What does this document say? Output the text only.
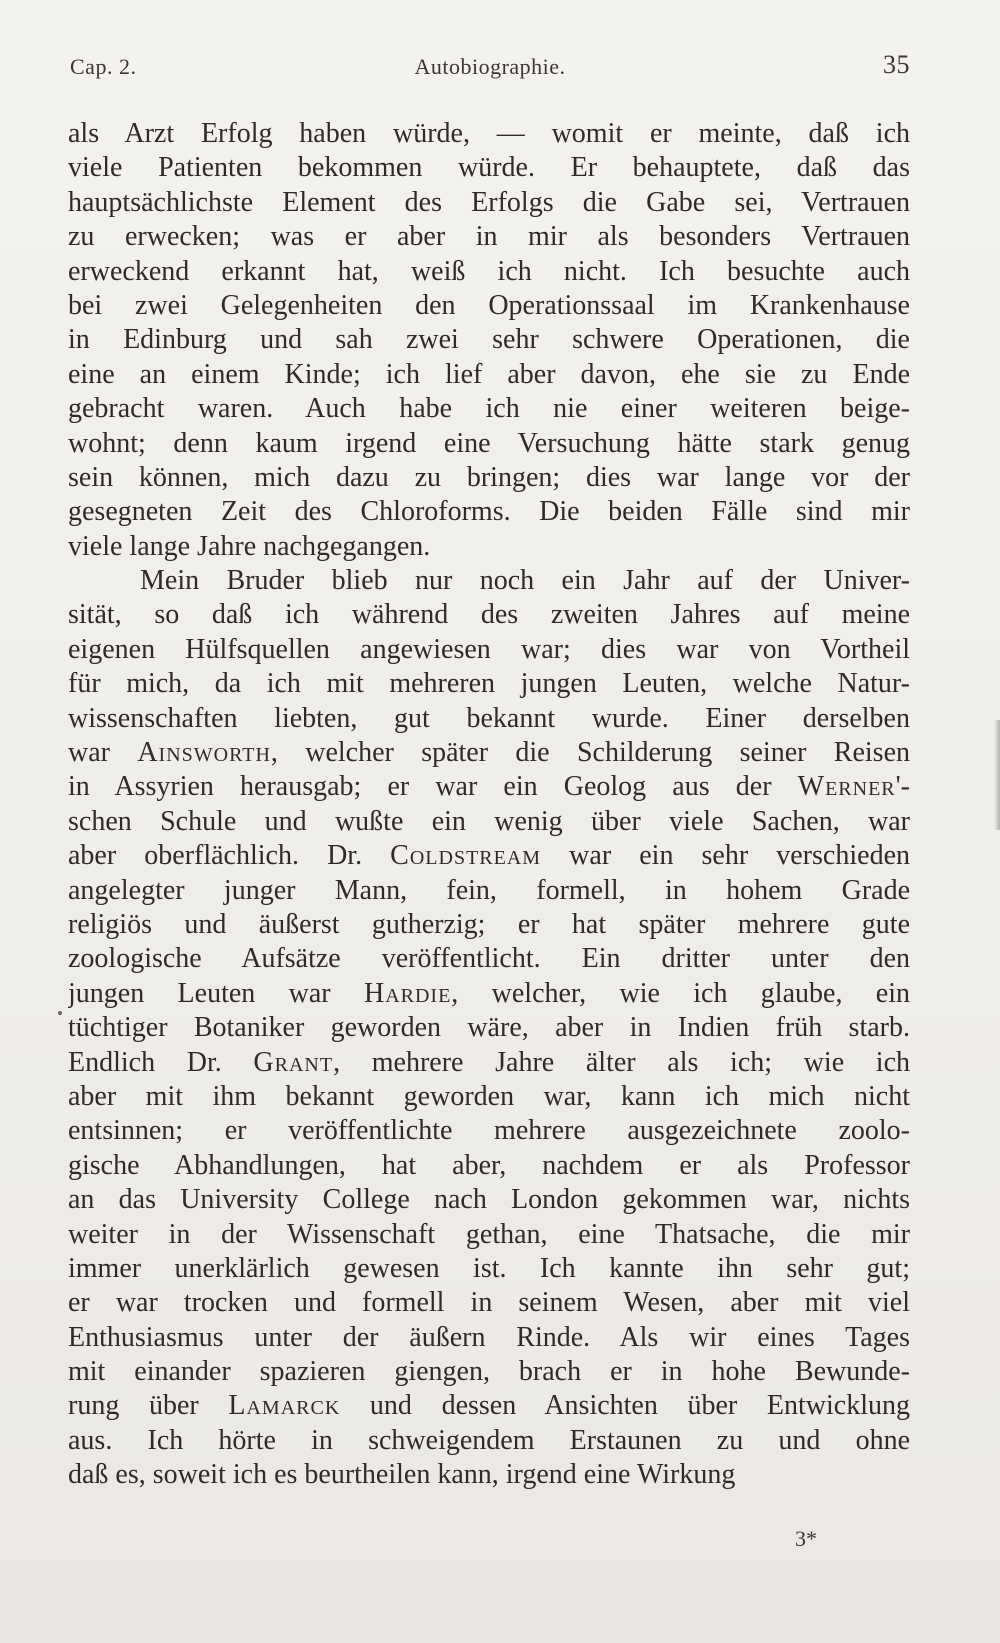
Cap. 2.	Autobiographie.	35
als Arzt Erfolg haben würde, — womit er meinte, daß ich
viele Patienten bekommen würde. Er behauptete, daß das
hauptsächlichste Element des Erfolgs die Gabe sei, Vertrauen
zu erwecken; was er aber in mir als besonders Vertrauen
erweckend erkannt hat, weiß ich nicht. Ich besuchte auch
bei zwei Gelegenheiten den Operationssaal im Krankenhause
in Edinburg und sah zwei sehr schwere Operationen, die
eine an einem Kinde; ich lief aber davon, ehe sie zu Ende
gebracht waren. Auch habe ich nie einer weiteren beige-
wohnt; denn kaum irgend eine Versuchung hätte stark genug
sein können, mich dazu zu bringen; dies war lange vor der
gesegneten Zeit des Chloroforms. Die beiden Fälle sind mir
viele lange Jahre nachgegangen.
Mein Bruder blieb nur noch ein Jahr auf der Univer-
sität, so daß ich während des zweiten Jahres auf meine
eigenen Hülfsquellen angewiesen war; dies war von Vortheil
für mich, da ich mit mehreren jungen Leuten, welche Natur-
wissenschaften liebten, gut bekannt wurde. Einer derselben
war Ainsworth, welcher später die Schilderung seiner Reisen
in Assyrien herausgab; er war ein Geolog aus der Werner'-
schen Schule und wußte ein wenig über viele Sachen, war
aber oberflächlich. Dr. Coldstream war ein sehr verschieden
angelegter junger Mann, fein, formell, in hohem Grade
religiös und äußerst gutherzig; er hat später mehrere gute
zoologische Aufsätze veröffentlicht. Ein dritter unter den
jungen Leuten war Hardie, welcher, wie ich glaube, ein
tüchtiger Botaniker geworden wäre, aber in Indien früh starb.
Endlich Dr. Grant, mehrere Jahre älter als ich; wie ich
aber mit ihm bekannt geworden war, kann ich mich nicht
entsinnen; er veröffentlichte mehrere ausgezeichnete zoolo-
gische Abhandlungen, hat aber, nachdem er als Professor
an das University College nach London gekommen war, nichts
weiter in der Wissenschaft gethan, eine Thatsache, die mir
immer unerklärlich gewesen ist. Ich kannte ihn sehr gut;
er war trocken und formell in seinem Wesen, aber mit viel
Enthusiasmus unter der äußern Rinde. Als wir eines Tages
mit einander spazieren giengen, brach er in hohe Bewunde-
rung über Lamarck und dessen Ansichten über Entwicklung
aus. Ich hörte in schweigendem Erstaunen zu und ohne
daß es, soweit ich es beurtheilen kann, irgend eine Wirkung
3*
